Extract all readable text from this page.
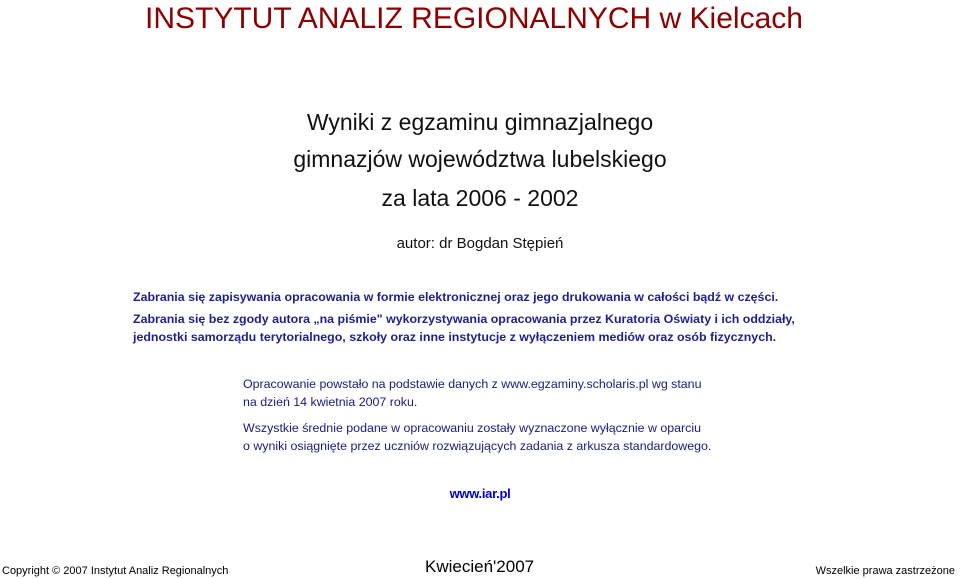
INSTYTUT ANALIZ REGIONALNYCH w Kielcach
Wyniki z egzaminu gimnazjalnego
gimnazjów województwa lubelskiego
za lata 2006 - 2002
autor: dr Bogdan Stępień
Zabrania się zapisywania opracowania w formie elektronicznej oraz jego drukowania w całości bądź w części.
Zabrania się bez zgody autora „na piśmie" wykorzystywania opracowania przez Kuratoria Oświaty i ich oddziały,
jednostki samorządu terytorialnego, szkoły oraz inne instytucje z wyłączeniem mediów oraz osób fizycznych.
Opracowanie powstało na podstawie danych z www.egzaminy.scholaris.pl wg stanu
na dzień 14 kwietnia 2007 roku.
Wszystkie średnie podane w opracowaniu zostały wyznaczone wyłącznie w oparciu
o wyniki osiągnięte przez uczniów rozwiązujących zadania z arkusza standardowego.
www.iar.pl
Copyright © 2007 Instytut Analiz Regionalnych	Kwiecień'2007	Wszelkie prawa zastrzeżone
